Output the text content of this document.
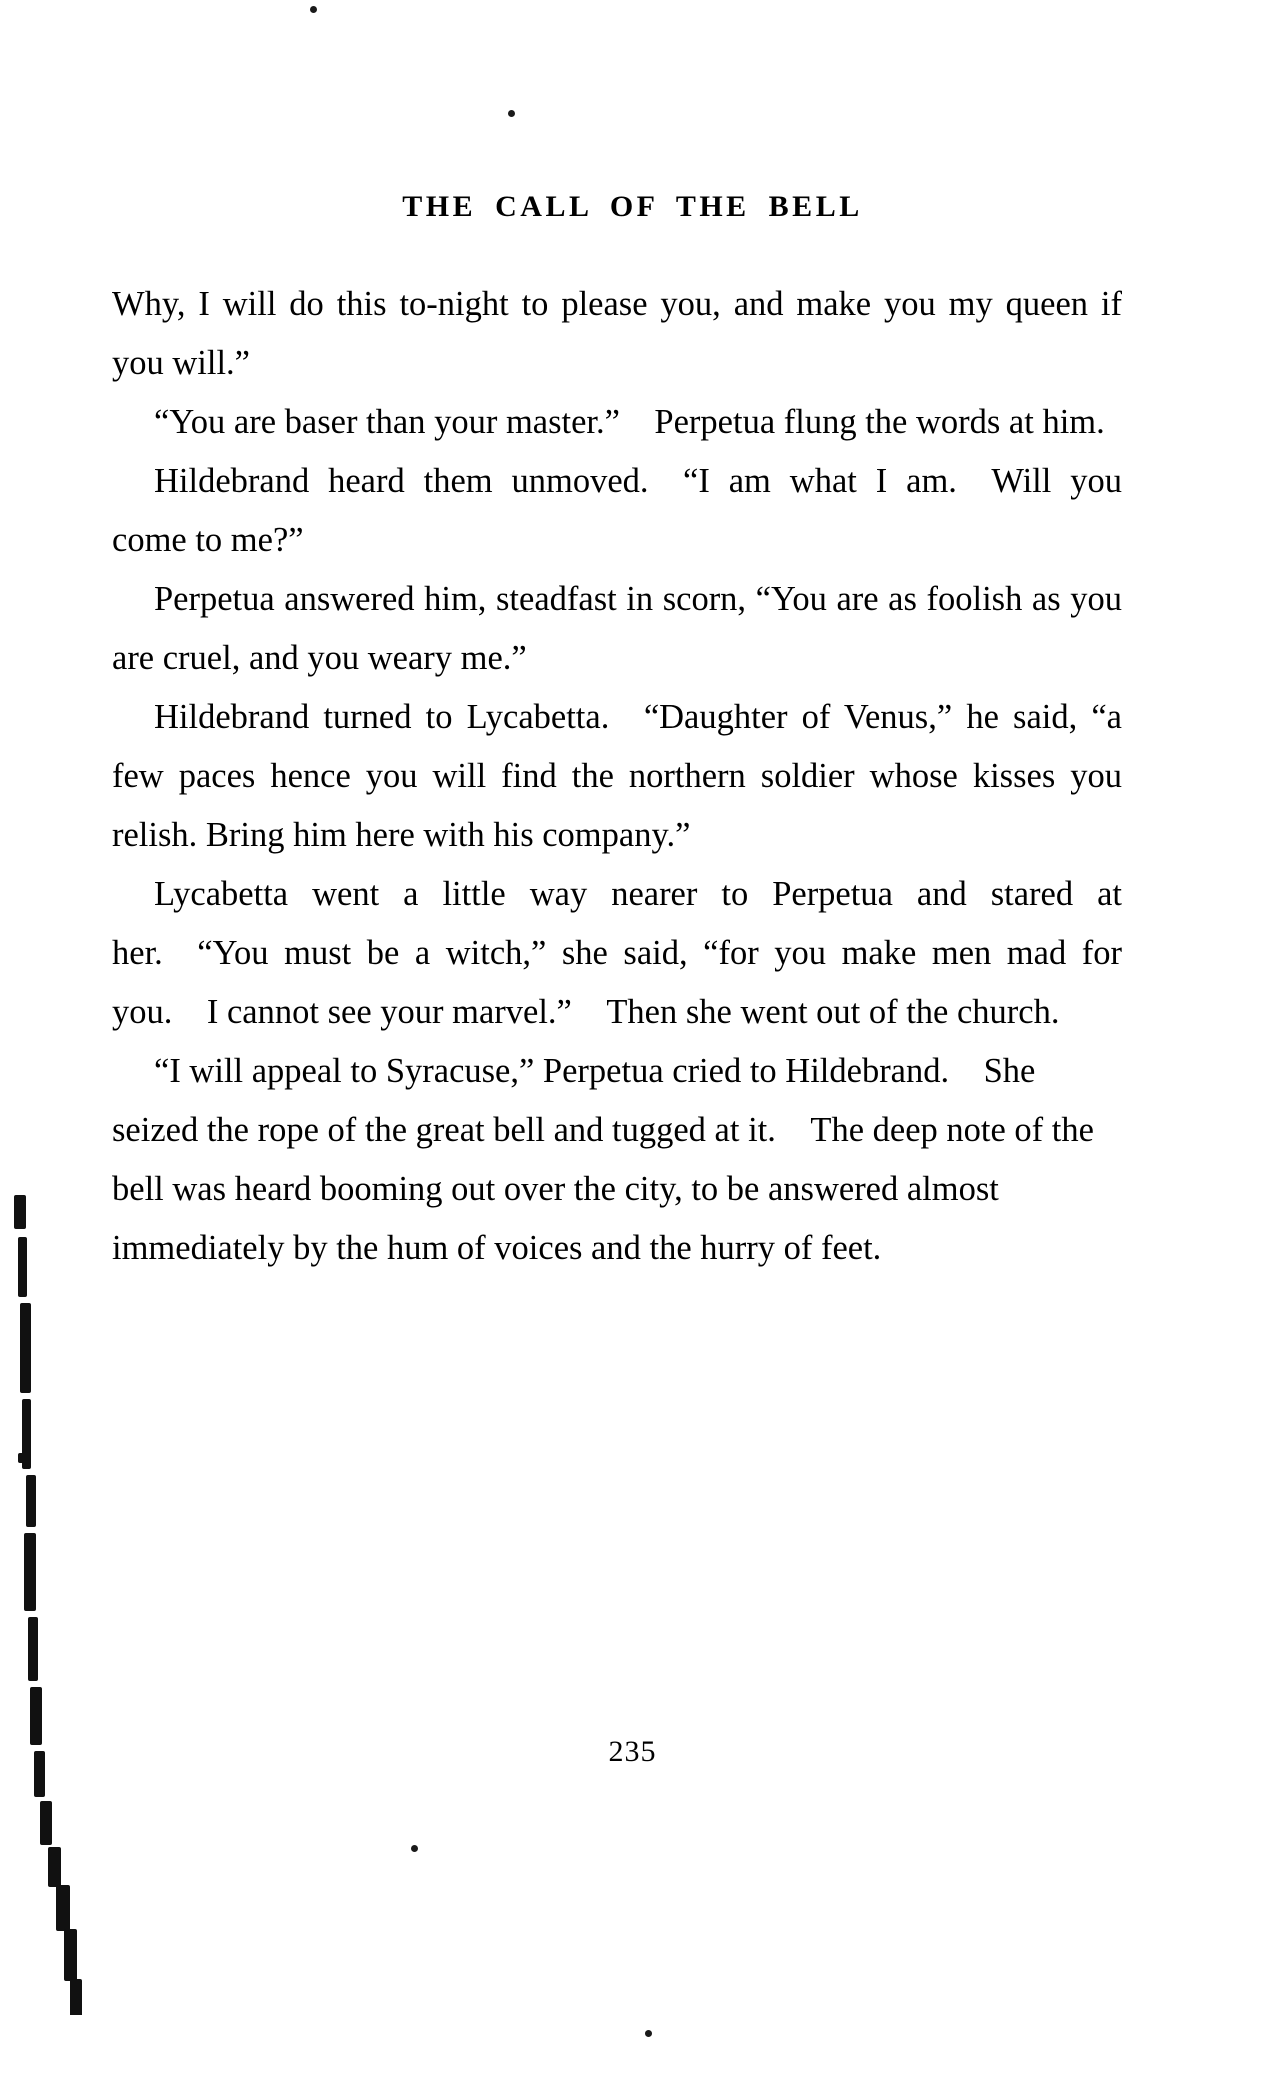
THE CALL OF THE BELL

Why, I will do this to-night to please you, and make you my queen if you will.”

“You are baser than your master.” Perpetua flung the words at him.

Hildebrand heard them unmoved. “I am what I am. Will you come to me?”

Perpetua answered him, steadfast in scorn, “You are as foolish as you are cruel, and you weary me.”

Hildebrand turned to Lycabetta. “Daughter of Venus,” he said, “a few paces hence you will find the northern soldier whose kisses you relish. Bring him here with his company.”

Lycabetta went a little way nearer to Perpetua and stared at her. “You must be a witch,” she said, “for you make men mad for you. I cannot see your marvel.” Then she went out of the church.

“I will appeal to Syracuse,” Perpetua cried to Hildebrand. She seized the rope of the great bell and tugged at it. The deep note of the bell was heard booming out over the city, to be answered almost immediately by the hum of voices and the hurry of feet.

235
